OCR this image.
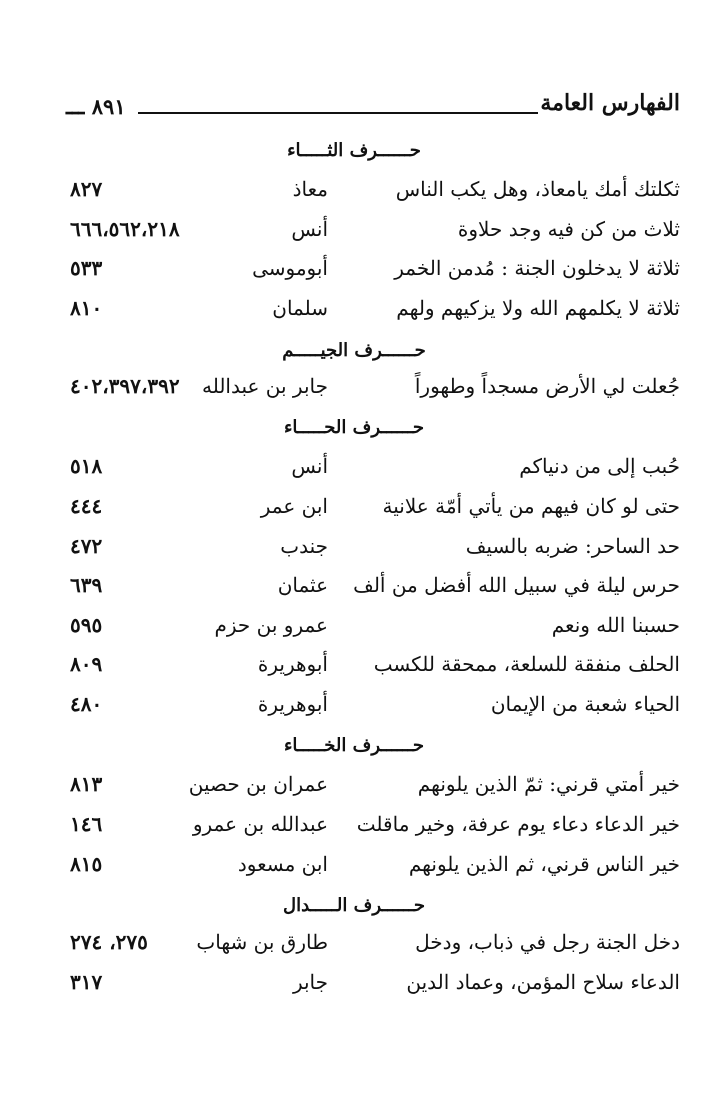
٨٩١ ـــ	الفهارس العامة
حــــــرف الثـــــاء
ثكلتك أمك يامعاذ، وهل يكب الناس
معاذ
٨٢٧
ثلاث من كن فيه وجد حلاوة
أنس
٦٦٦،٥٦٢،٢١٨
ثلاثة لا يدخلون الجنة : مُدمن الخمر
أبوموسى
٥٣٣
ثلاثة لا يكلمهم الله ولا يزكيهم ولهم
سلمان
٨١٠
حــــــرف الجيـــــم
جُعلت لي الأرض مسجداً وطهوراً
جابر بن عبدالله
٤٠٢،٣٩٧،٣٩٢
حــــــرف الحـــــاء
حُبب إلى من دنياكم
أنس
٥١٨
حتى لو كان فيهم من يأتي أمّة علانية
ابن عمر
٤٤٤
حد الساحر: ضربه بالسيف
جندب
٤٧٢
حرس ليلة في سبيل الله أفضل من ألف
عثمان
٦٣٩
حسبنا الله ونعم
عمرو بن حزم
٥٩٥
الحلف منفقة للسلعة، ممحقة للكسب
أبوهريرة
٨٠٩
الحياء شعبة من الإيمان
أبوهريرة
٤٨٠
حــــــرف الخـــــاء
خير أمتي قرني: ثمّ الذين يلونهم
عمران بن حصين
٨١٣
خير الدعاء دعاء يوم عرفة، وخير ماقلت
عبدالله بن عمرو
١٤٦
خير الناس قرني، ثم الذين يلونهم
ابن مسعود
٨١٥
حــــــرف الـــــدال
دخل الجنة رجل في ذباب، ودخل
طارق بن شهاب
٢٧٥، ٢٧٤
الدعاء سلاح المؤمن، وعماد الدين
جابر
٣١٧
